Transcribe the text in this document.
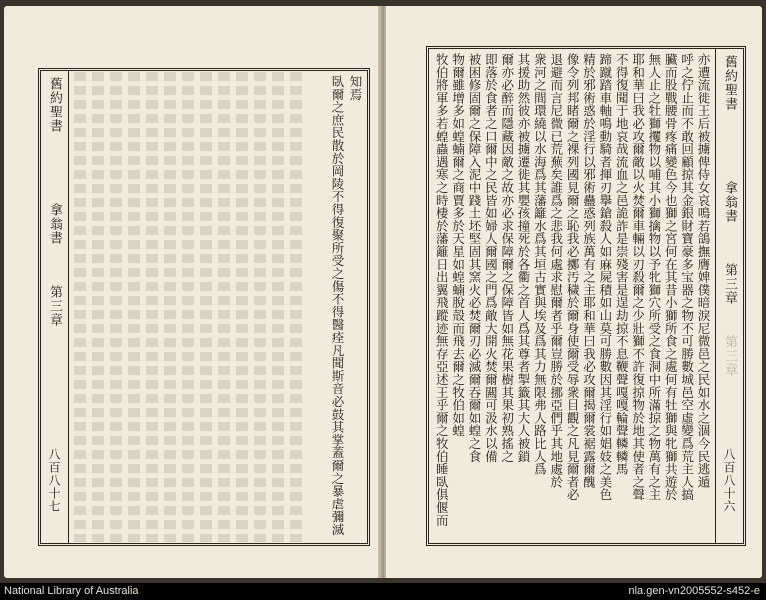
舊約聖書
拿翁書
第三章
八百八十七
知焉
臥爾之庶民散於岡陵不得復聚所受之傷不得醫痊凡聞斯音必鼓其掌蓋爾之暴虐彌滅	舊約聖書
拿翁書
第三章
第三章
八百八十六
亦遭流徙王后被擄俾侍女哀鳴若鴿撫膺婢僕暗淚尼微邑之民如水之涸今民逃遁
呼之佇止而不敢回顧掠其金銀財寶豪多宝器之物不可勝數城邑空虛變爲荒主人搞
臟而股戰腰骨疼痛變色今也獅之宮何在其昔小獅所食之處何有牡獅與牝獅共遊於
無人止之牡獅攫物以哺其小獅擒物以予牝獅穴所受之食洞中所滿掠之物萬有之主
耶和華曰我必攻爾敵以火焚爾車輛以刃殺爾之少壯獅不許復掠物於地其使者之聲
不得復聞于地哀哉流血之邑詭詐是崇殘害是逞劫掠不息鞭聲嘎嘎輪聲轔轔馬
蹄蹴踏車軸鳴動騎者揮刃擧鎗殺人如麻屍積如山莫可勝數因其淫行如娼妓之美色
精於邪術惑於淫行以邪術蠱惑列族萬有之主耶和華曰我必攻爾揭爾裳裾露爾醜
像令列邦睹爾之裸列國見爾之恥我必擲汚穢於爾身使爾受辱衆目觀之凡見爾者必
退避而言尼微已荒蕪矣誰爲之悲我何處求慰爾者乎爾豈勝於挪亞們乎其地處於
衆河之間環繞以水海爲其藩籬水爲其垣古實與埃及爲其力無限弗人路比人爲
其援助然彼亦被擄遷徙其嬰孩撞死於各衢之首人爲其尊者掣籤其大人被鎖
爾亦必醉而隱藏因敵之故亦必求保障爾之保障皆如無花果樹其果初熟搖之
即落於食者之口爾中之民皆如婦人爾國之門爲敵大開火焚爾闗可汲水以備
被困修固爾之保障入泥中踐土坯堅固其窯火必焚爾刃必滅爾吞爾如蝗之食
物爾雖增多如蝗蝻爾之商賈多於天星如蝗蝻脫殻而飛去爾之牧伯如蝗
牧伯將軍多若蝗蟲遇寒之時棲於藩籬日出翼飛蹤迹無存亞述王乎爾之牧伯睡臥俱偃而
National Library of Australia	nla.gen-vn2005552-s452-e
